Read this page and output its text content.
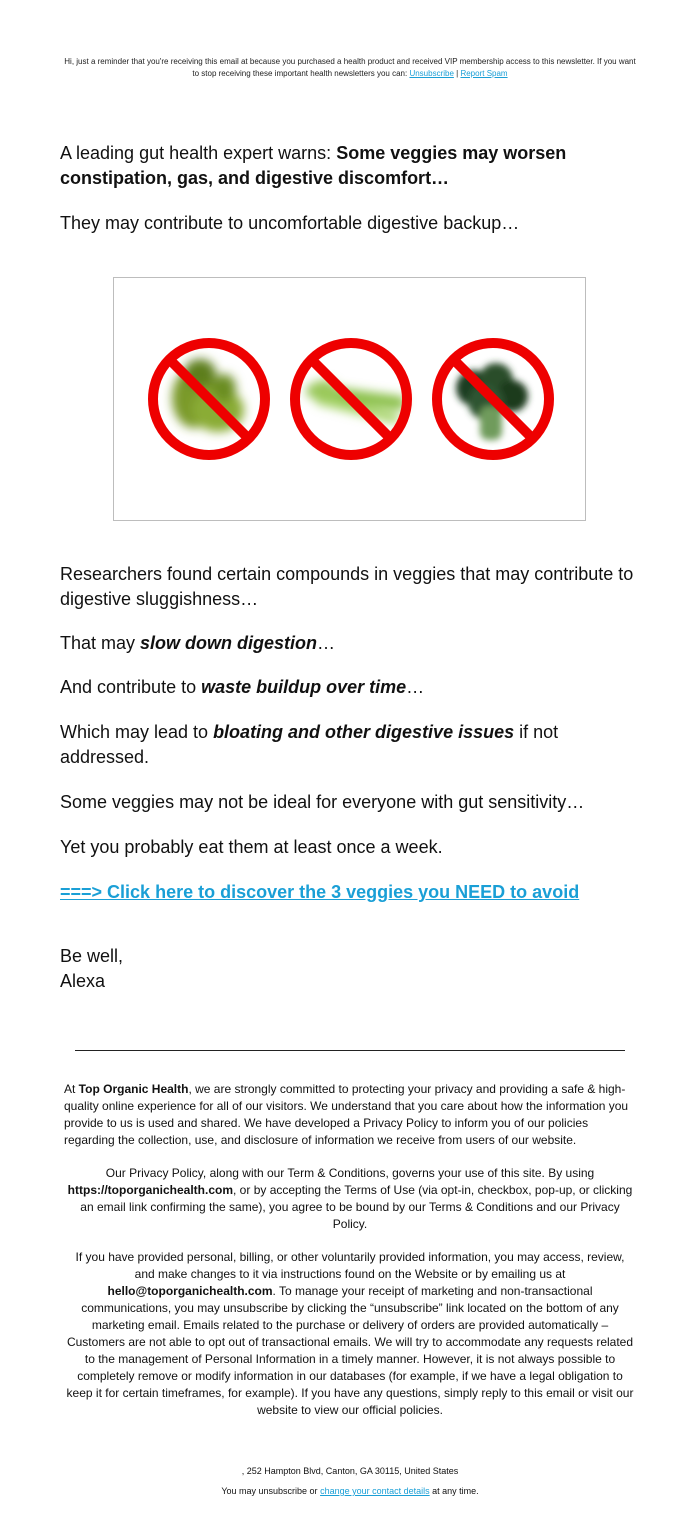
Hi, just a reminder that you're receiving this email at because you purchased a health product and received VIP membership access to this newsletter. If you want to stop receiving these important health newsletters you can: Unsubscribe | Report Spam

A leading gut health expert warns: Some veggies may worsen constipation, gas, and digestive discomfort…

They may contribute to uncomfortable digestive backup…

Researchers found certain compounds in veggies that may contribute to digestive sluggishness…

That may slow down digestion…

And contribute to waste buildup over time…

Which may lead to bloating and other digestive issues if not addressed.

Some veggies may not be ideal for everyone with gut sensitivity…

Yet you probably eat them at least once a week.

===> Click here to discover the 3 veggies you NEED to avoid

Be well,

Alexa

At Top Organic Health, we are strongly committed to protecting your privacy and providing a safe & high-quality online experience for all of our visitors. We understand that you care about how the information you provide to us is used and shared. We have developed a Privacy Policy to inform you of our policies regarding the collection, use, and disclosure of information we receive from users of our website.
Our Privacy Policy, along with our Term & Conditions, governs your use of this site. By using https://toporganichealth.com, or by accepting the Terms of Use (via opt-in, checkbox, pop-up, or clicking an email link confirming the same), you agree to be bound by our Terms & Conditions and our Privacy Policy.
If you have provided personal, billing, or other voluntarily provided information, you may access, review, and make changes to it via instructions found on the Website or by emailing us at hello@toporganichealth.com. To manage your receipt of marketing and non-transactional communications, you may unsubscribe by clicking the “unsubscribe” link located on the bottom of any marketing email. Emails related to the purchase or delivery of orders are provided automatically – Customers are not able to opt out of transactional emails. We will try to accommodate any requests related to the management of Personal Information in a timely manner. However, it is not always possible to completely remove or modify information in our databases (for example, if we have a legal obligation to keep it for certain timeframes, for example). If you have any questions, simply reply to this email or visit our website to view our official policies.
, 252 Hampton Blvd, Canton, GA 30115, United States
You may unsubscribe or change your contact details at any time.
